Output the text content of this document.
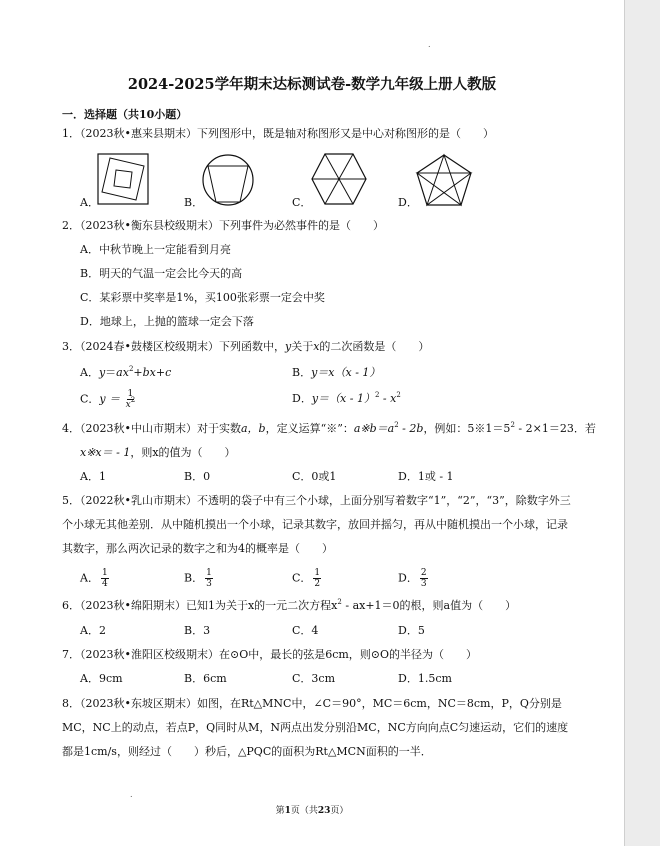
.
2024-2025学年期末达标测试卷-数学九年级上册人教版
一．选择题（共10小题）
1．（2023秋•惠来县期末）下列图形中，既是轴对称图形又是中心对称图形的是（　　）
A．	B．	C．	D．
2．（2023秋•衡东县校级期末）下列事件为必然事件的是（　　）
A．中秋节晚上一定能看到月亮
B．明天的气温一定会比今天的高
C．某彩票中奖率是1%，买100张彩票一定会中奖
D．地球上，上抛的篮球一定会下落
3．（2024春•鼓楼区校级期末）下列函数中，y关于x的二次函数是（　　）
A．$y=ax^2+bx+c$	B．y＝x（x - 1）
C．$y = \frac{1}{x^2}$	D．$y=(x - 1)^2 - x^2$
4．（2023秋•中山市期末）对于实数a，b，定义运算“※”：$a※b=a^2 - 2b$，例如：$5※1=5^2 - 2\times 1=23$．若
x※x＝ - 1，则x的值为（　　）
A．1	B．0	C．0或1	D．1或 - 1
5．（2022秋•乳山市期末）不透明的袋子中有三个小球，上面分别写着数字“1”，“2”，“3”，除数字外三个小球无其他差别．从中随机摸出一个小球，记录其数字，放回并摇匀，再从中随机摸出一个小球，记录其数字，那么两次记录的数字之和为4的概率是（　　）
A． $\frac{1}{4}$	B． $\frac{1}{3}$	C． $\frac{1}{2}$	D． $\frac{2}{3}$
6．（2023秋•绵阳期末）已知1为关于x的一元二次方程$x^2 - ax+1=0$的根，则a值为（　　）
A．2	B．3	C．4	D．5
7．（2023秋•淮阳区校级期末）在⊙O中，最长的弦是6cm，则⊙O的半径为（　　）
A．9cm	B．6cm	C．3cm	D．1.5cm
8．（2023秋•东坡区期末）如图，在Rt△MNC中，∠C＝90°，MC＝6cm，NC＝8cm，P，Q分别是MC，NC上的动点，若点P，Q同时从M，N两点出发分别沿MC，NC方向向点C匀速运动，它们的速度都是1cm/s，则经过（　　）秒后，△PQC的面积为Rt△MCN面积的一半．
.
第1页（共23页）
